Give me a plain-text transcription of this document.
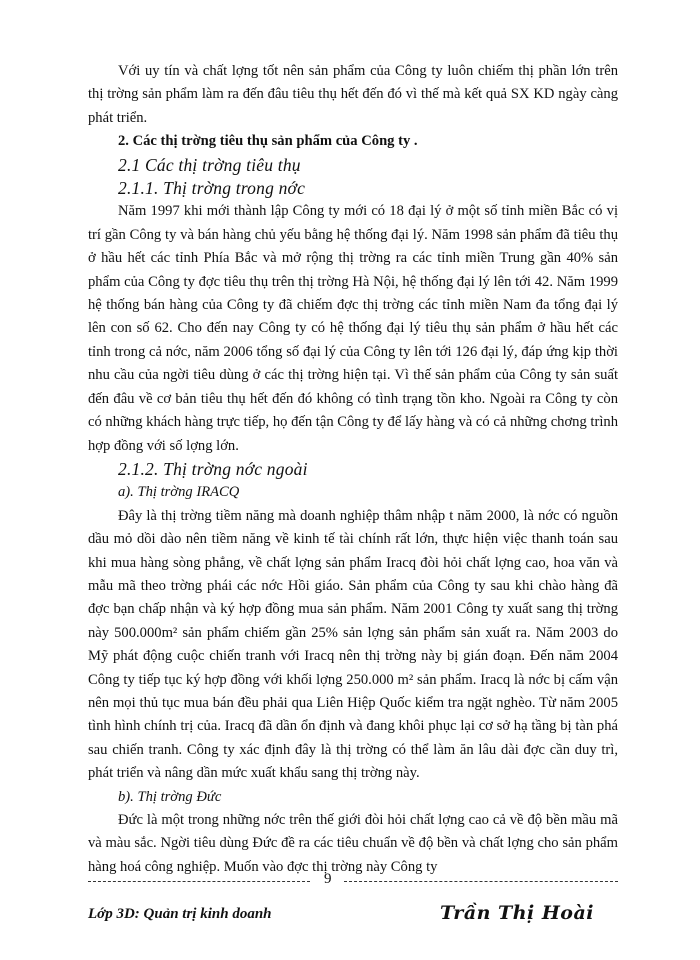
Với uy tín và chất lợng tốt nên sản phẩm của Công ty luôn chiếm thị phần lớn trên thị trờng sản phẩm làm ra đến đâu tiêu thụ hết đến đó vì thế mà kết quả SX KD ngày càng phát triển.

2. Các thị trờng tiêu thụ sản phẩm của Công ty .

2.1 Các thị trờng tiêu thụ

2.1.1. Thị trờng trong nớc

Năm 1997 khi mới thành lập Công ty mới có 18 đại lý ở một số tỉnh miền Bắc có vị trí gần Công ty và bán hàng chủ yếu bằng hệ thống đại lý. Năm 1998 sản phẩm đã tiêu thụ ở hầu hết các tỉnh Phía Bắc và mở rộng thị trờng ra các tỉnh miền Trung gần 40% sản phẩm của Công ty đợc tiêu thụ trên thị trờng Hà Nội, hệ thống đại lý lên tới 42. Năm 1999 hệ thống bán hàng của Công ty đã chiếm đợc thị trờng các tỉnh miền Nam đa tổng đại lý lên con số 62. Cho đến nay Công ty có hệ thống đại lý tiêu thụ sản phẩm ở hầu hết các tỉnh trong cả nớc, năm 2006 tổng số đại lý của Công ty lên tới 126 đại lý, đáp ứng kịp thời nhu cầu của ngời tiêu dùng ở các thị trờng hiện tại. Vì thế sản phẩm của Công ty sản suất đến đâu về cơ bản tiêu thụ hết đến đó không có tình trạng tồn kho. Ngoài ra Công ty còn có những khách hàng trực tiếp, họ đến tận Công ty để lấy hàng và có cả những chơng trình hợp đồng với số lợng lớn.

2.1.2. Thị trờng nớc ngoài

a). Thị trờng IRACQ

Đây là thị trờng tiềm năng mà doanh nghiệp thâm nhập t năm 2000, là nớc có nguồn dầu mỏ dồi dào nên tiềm năng về kinh tế tài chính rất lớn, thực hiện việc thanh toán sau khi mua hàng sòng phẳng, về chất lợng sản phẩm Iracq đòi hỏi chất lợng cao, hoa văn và mẫu mã theo trờng phái các nớc Hồi giáo. Sản phẩm của Công ty sau khi chào hàng đã đợc bạn chấp nhận và ký hợp đồng mua sản phẩm. Năm 2001 Công ty xuất sang thị trờng này 500.000m² sản phẩm chiếm gần 25% sản lợng sản phẩm sản xuất ra. Năm 2003 do Mỹ phát động cuộc chiến tranh với Iracq nên thị trờng này bị gián đoạn. Đến năm 2004 Công ty tiếp tục ký hợp đồng với khối lợng 250.000 m² sản phẩm. Iracq là nớc bị cấm vận nên mọi thủ tục mua bán đều phải qua Liên Hiệp Quốc kiểm tra ngặt nghèo. Từ năm 2005 tình hình chính trị của. Iracq đã dần ổn định và đang khôi phục lại cơ sở hạ tầng bị tàn phá sau chiến tranh. Công ty xác định đây là thị trờng có thể làm ăn lâu dài đợc cần duy trì, phát triển và nâng dần mức xuất khẩu sang thị trờng này.

b). Thị trờng Đức

Đức là một trong những nớc trên thế giới đòi hỏi chất lợng cao cả về độ bền mầu mã và màu sắc. Ngời tiêu dùng Đức đề ra các tiêu chuẩn về độ bền và chất lợng cho sản phẩm hàng hoá công nghiệp. Muốn vào đợc thị trờng này Công ty

9
Lớp 3D: Quản trị kinh doanh	Trần Thị Hoài
